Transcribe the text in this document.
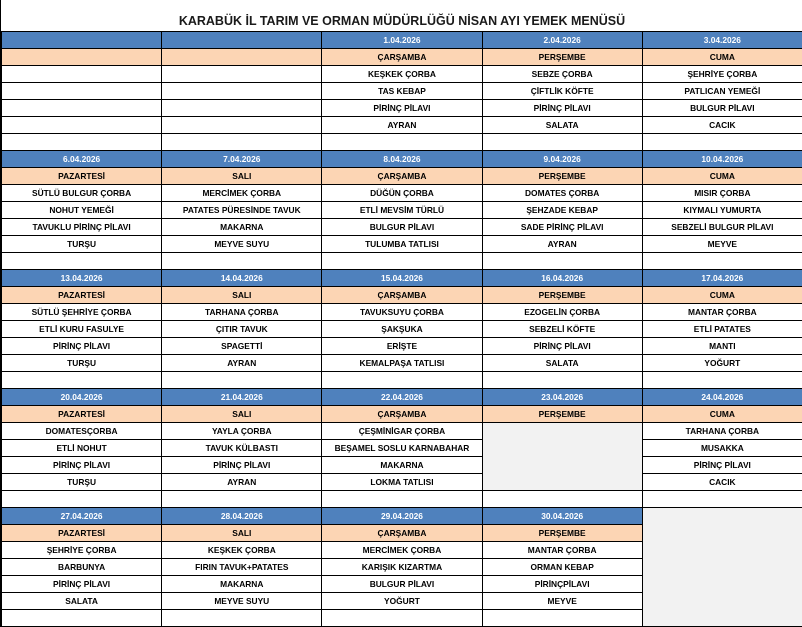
KARABÜK İL TARIM VE ORMAN MÜDÜRLÜĞÜ NİSAN AYI YEMEK MENÜSÜ
		1.04.2026	2.04.2026	3.04.2026
		ÇARŞAMBA	PERŞEMBE	CUMA
		KEŞKEK ÇORBA	SEBZE ÇORBA	ŞEHRİYE ÇORBA
		TAS KEBAP	ÇİFTLİK KÖFTE	PATLICAN YEMEĞİ
		PİRİNÇ PİLAVI	PİRİNÇ PİLAVI	BULGUR PİLAVI
		AYRAN	SALATA	CACIK

6.04.2026	7.04.2026	8.04.2026	9.04.2026	10.04.2026
PAZARTESİ	SALI	ÇARŞAMBA	PERŞEMBE	CUMA
SÜTLÜ BULGUR ÇORBA	MERCİMEK ÇORBA	DÜĞÜN ÇORBA	DOMATES ÇORBA	MISIR ÇORBA
NOHUT YEMEĞİ	PATATES PÜRESİNDE TAVUK	ETLİ MEVSİM TÜRLÜ	ŞEHZADE KEBAP	KIYMALI YUMURTA
TAVUKLU PİRİNÇ PİLAVI	MAKARNA	BULGUR PİLAVI	SADE PİRİNÇ PİLAVI	SEBZELİ BULGUR PİLAVI
TURŞU	MEYVE SUYU	TULUMBA TATLISI	AYRAN	MEYVE

13.04.2026	14.04.2026	15.04.2026	16.04.2026	17.04.2026
PAZARTESİ	SALI	ÇARŞAMBA	PERŞEMBE	CUMA
SÜTLÜ ŞEHRİYE ÇORBA	TARHANA ÇORBA	TAVUKSUYU ÇORBA	EZOGELİN ÇORBA	MANTAR ÇORBA
ETLİ KURU FASULYE	ÇITIR TAVUK	ŞAKŞUKA	SEBZELİ KÖFTE	ETLİ PATATES
PİRİNÇ PİLAVI	SPAGETTİ	ERİŞTE	PİRİNÇ PİLAVI	MANTI
TURŞU	AYRAN	KEMALPAŞA TATLISI	SALATA	YOĞURT

20.04.2026	21.04.2026	22.04.2026	23.04.2026	24.04.2026
PAZARTESİ	SALI	ÇARŞAMBA	PERŞEMBE	CUMA
DOMATESÇORBA	YAYLA ÇORBA	ÇEŞMİNİGAR ÇORBA		TARHANA ÇORBA
ETLİ NOHUT	TAVUK KÜLBASTI	BEŞAMEL SOSLU KARNABAHAR		MUSAKKA
PİRİNÇ PİLAVI	PİRİNÇ PİLAVI	MAKARNA		PİRİNÇ PİLAVI
TURŞU	AYRAN	LOKMA TATLISI		CACIK

27.04.2026	28.04.2026	29.04.2026	30.04.2026	
PAZARTESİ	SALI	ÇARŞAMBA	PERŞEMBE	
ŞEHRİYE ÇORBA	KEŞKEK ÇORBA	MERCİMEK ÇORBA	MANTAR ÇORBA	
BARBUNYA	FIRIN TAVUK+PATATES	KARIŞIK KIZARTMA	ORMAN KEBAP	
PİRİNÇ PİLAVI	MAKARNA	BULGUR PİLAVI	PİRİNÇPİLAVI	
SALATA	MEYVE SUYU	YOĞURT	MEYVE	
